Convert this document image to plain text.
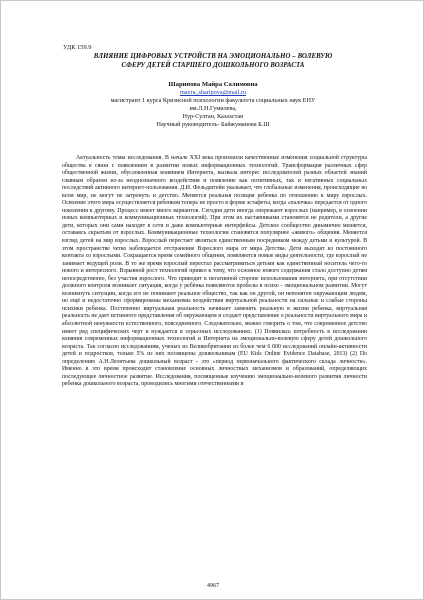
УДК 159.9
ВЛИЯНИЕ ЦИФРОВЫХ УСТРОЙСТВ НА ЭМОЦИОНАЛЬНО – ВОЛЕВУЮ
СФЕРУ ДЕТЕЙ СТАРШЕГО ДОШКОЛЬНОГО ВОЗРАСТА
Шарипова Майра Салимовна
mayra_sharipova@mail.ru
магистрант 1 курса Кризисной психологии факультета социальных наук ЕНУ
им.Л.Н.Гумилева,
Нур-Султан, Казахстан
Научный руководитель- Байжуманова Б.Ш

Актуальность темы исследования. В начале XXI века произошли качественные изменения социальной структуры общества в связи с появлением в развитии новых информационных технологий. Трансформация различных сфер общественной жизни, обусловленная влиянием Интернета, вызвала интерес исследователей разных областей знаний главным образом из-за неоднозначного воздействия и появление как позитивных, так и негативных социальных последствий активного интернет-пользования. Д.И. Фельдштейн указывает, что глобальные изменения, происходящие во всем мир, не могут не затронуть и детство. Меняется реальная позиция ребенка по отношению к миру взрослых. Освоение этого мира осуществляется ребенком теперь не просто в форме эстафеты, когда «палочка» передается от одного поколения к другому. Процесс имеет много вариантов. Сегодня дети иногда опережают взрослых (например, в освоении новых компьютерных и коммуникационных технологий). При этом их наставниками становятся не родители, а другие дети, которых они сами находят в сети и даже компьютерные интерфейсы. Детское сообщество динамично меняется, оставаясь скрытым от взрослых. Коммуникационные технологии становятся популярнее «живого» общения. Меняется взгляд детей на мир взрослых. Взрослый перестает являться единственным посредником между детьми и культурой. В этом пространстве четко наблюдается отстранение Взрослого мира от мира Детства. Дети выходят из постоянного контакта со взрослыми. Сокращается время семейного общения, появляются новые виды деятельности, где взрослый не занимает ведущей роли. В то же время взрослый перестал рассматриваться детьми как единственный носитель чего-то нового и интересного. Взрывной рост технологий привел к тому, что основное нового содержания стало доступно детям непосредственно, без участия взрослого. Что приводит к негативной стороне использования интернета, при отсутствии должного контроля возникает ситуация, когда у ребёнка появляются пробелы в психо - эмоциональном развитии. Могут возникнуть ситуации, когда его не понимают реальное общество, так как он другой, он непонятен окружающим людям, но ещё и недостаточно сформированы механизмы воздействия виртуальной реальности на сильные и слабые стороны психики ребенка. Постепенно виртуальная реальность начинает заменять реальную в жизни ребенка, виртуальная реальность не дает истинного представления об окружающем и создает представление о реальности виртуального мира и абсолютной ненужности естественного, повседневного. Следовательно, можно говорить о том, что современное детство имеет ряд специфических черт и нуждается в серьезных исследованиях. (1) Появилась потребность в исследовании влияния современных информационных технологий и Интернета на эмоционально-волевую сферу детей дошкольного возраста. Так согласно исследованиям, ученых из Великобритании из более чем 6 000 исследований онлайн-активности детей и подростков, только 5% из них посвящены дошкольникам (EU Kids Online Evidence Database, 2013) (2) По определению А.Н.Леонтьева дошкольный возраст - это «период первоначального фактического склада личности». Именно в это время происходит становление основных личностных механизмов и образований, определяющих последующее личностное развитие. Исследования, посвященные изучению эмоционально-волевого развития личности ребенка дошкольного возраста, проводились многими отечественными и

4967
